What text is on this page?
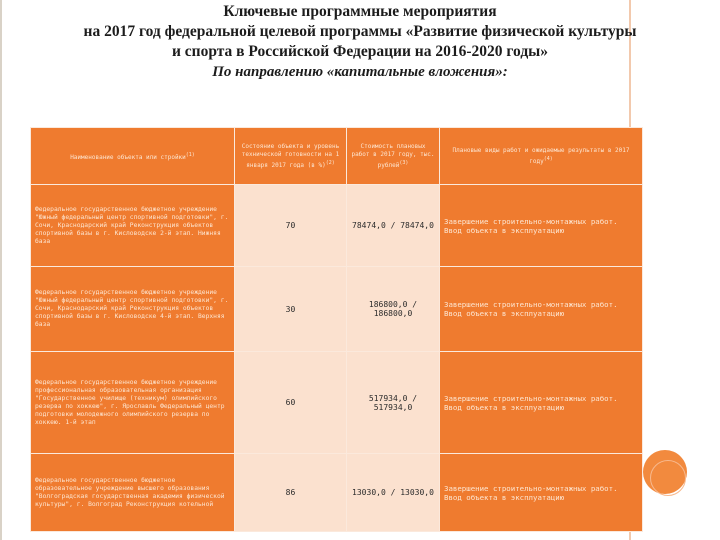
Ключевые программные мероприятия
на 2017 год федеральной целевой программы «Развитие физической культуры
и спорта в Российской Федерации на 2016-2020 годы»
По направлению «капитальные вложения»:
Наименование объекта или стройки$^{(1)}$	Состояние объекта и уровень технической готовности на 1 января 2017 года (в %)$^{(2)}$	Стоимость плановых работ в 2017 году, тыс. рублей$^{(3)}$	Плановые виды работ и ожидаемые результаты в 2017 году$^{(4)}$
Федеральное государственное бюджетное учреждение "Южный федеральный центр спортивной подготовки", г. Сочи, Краснодарский край Реконструкция объектов спортивной базы в г. Кисловодске 2-й этап. Нижняя база	70	78474,0 / 78474,0	Завершение строительно-монтажных работ. Ввод объекта в эксплуатацию
Федеральное государственное бюджетное учреждение "Южный федеральный центр спортивной подготовки", г. Сочи, Краснодарский край Реконструкция объектов спортивной базы в г. Кисловодске 4-й этап. Верхняя база	30	186800,0 / 186800,0	Завершение строительно-монтажных работ. Ввод объекта в эксплуатацию
Федеральное государственное бюджетное учреждение профессиональная образовательная организация "Государственное училище (техникум) олимпийского резерва по хоккею", г. Ярославль Федеральный центр подготовки молодежного олимпийского резерва по хоккею. 1-й этап	60	517934,0 / 517934,0	Завершение строительно-монтажных работ. Ввод объекта в эксплуатацию
Федеральное государственное бюджетное образовательное учреждение высшего образования "Волгоградская государственная академия физической культуры", г. Волгоград Реконструкция котельной	86	13030,0 / 13030,0	Завершение строительно-монтажных работ. Ввод объекта в эксплуатацию
